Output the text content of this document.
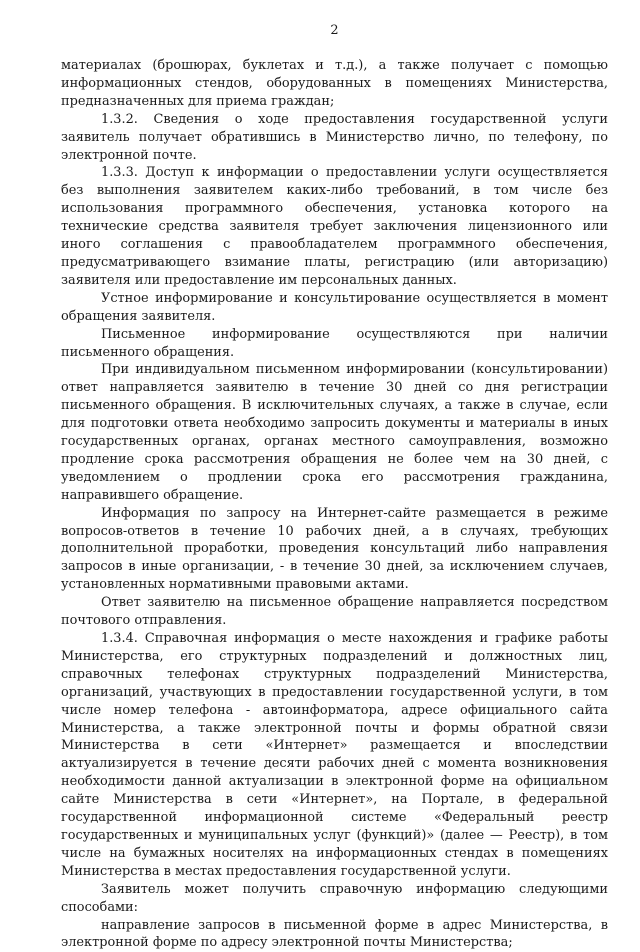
2

материалах (брошюрах, буклетах и т.д.), а также получает с помощью информационных стендов, оборудованных в помещениях Министерства, предназначенных для приема граждан;

1.3.2. Сведения о ходе предоставления государственной услуги заявитель получает обратившись в Министерство лично, по телефону, по электронной почте.

1.3.3. Доступ к информации о предоставлении услуги осуществляется без выполнения заявителем каких-либо требований, в том числе без использования программного обеспечения, установка которого на технические средства заявителя требует заключения лицензионного или иного соглашения с правообладателем программного обеспечения, предусматривающего взимание платы, регистрацию (или авторизацию) заявителя или предоставление им персональных данных.

Устное информирование и консультирование осуществляется в момент обращения заявителя.

Письменное информирование осуществляются при наличии письменного обращения.

При индивидуальном письменном информировании (консультировании) ответ направляется заявителю в течение 30 дней со дня регистрации письменного обращения. В исключительных случаях, а также в случае, если для подготовки ответа необходимо запросить документы и материалы в иных государственных органах, органах местного самоуправления, возможно продление срока рассмотрения обращения не более чем на 30 дней, с уведомлением о продлении срока его рассмотрения гражданина, направившего обращение.

Информация по запросу на Интернет-сайте размещается в режиме вопросов-ответов в течение 10 рабочих дней, а в случаях, требующих дополнительной проработки, проведения консультаций либо направления запросов в иные организации, - в течение 30 дней, за исключением случаев, установленных нормативными правовыми актами.

Ответ заявителю на письменное обращение направляется посредством почтового отправления.

1.3.4. Справочная информация о месте нахождения и графике работы Министерства, его структурных подразделений и должностных лиц, справочных телефонах структурных подразделений Министерства, организаций, участвующих в предоставлении государственной услуги, в том числе номер телефона - автоинформатора, адресе официального сайта Министерства, а также электронной почты и формы обратной связи Министерства в сети «Интернет» размещается и впоследствии актуализируется в течение десяти рабочих дней с момента возникновения необходимости данной актуализации в электронной форме на официальном сайте Министерства в сети «Интернет», на Портале, в федеральной государственной информационной системе «Федеральный реестр государственных и муниципальных услуг (функций)» (далее — Реестр), в том числе на бумажных носителях на информационных стендах в помещениях Министерства в местах предоставления государственной услуги.

Заявитель может получить справочную информацию следующими способами:

направление запросов в письменной форме в адрес Министерства, в электронной форме по адресу электронной почты Министерства;
